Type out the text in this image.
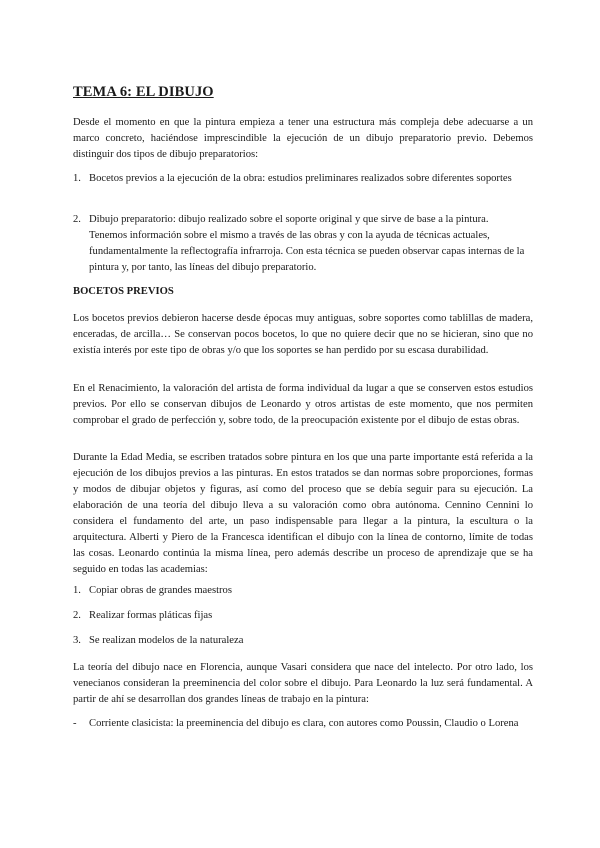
TEMA 6: EL DIBUJO
Desde el momento en que la pintura empieza a tener una estructura más compleja debe adecuarse a un marco concreto, haciéndose imprescindible la ejecución de un dibujo preparatorio previo. Debemos distinguir dos tipos de dibujo preparatorios:
1. Bocetos previos a la ejecución de la obra: estudios preliminares realizados sobre diferentes soportes
2. Dibujo preparatorio: dibujo realizado sobre el soporte original y que sirve de base a la pintura. Tenemos información sobre el mismo a través de las obras y con la ayuda de técnicas actuales, fundamentalmente la reflectografía infrarroja. Con esta técnica se pueden observar capas internas de la pintura y, por tanto, las líneas del dibujo preparatorio.
BOCETOS PREVIOS
Los bocetos previos debieron hacerse desde épocas muy antiguas, sobre soportes como tablillas de madera, enceradas, de arcilla… Se conservan pocos bocetos, lo que no quiere decir que no se hicieran, sino que no existía interés por este tipo de obras y/o que los soportes se han perdido por su escasa durabilidad.
En el Renacimiento, la valoración del artista de forma individual da lugar a que se conserven estos estudios previos. Por ello se conservan dibujos de Leonardo y otros artistas de este momento, que nos permiten comprobar el grado de perfección y, sobre todo, de la preocupación existente por el dibujo de estas obras.
Durante la Edad Media, se escriben tratados sobre pintura en los que una parte importante está referida a la ejecución de los dibujos previos a las pinturas. En estos tratados se dan normas sobre proporciones, formas y modos de dibujar objetos y figuras, así como del proceso que se debía seguir para su ejecución. La elaboración de una teoría del dibujo lleva a su valoración como obra autónoma. Cennino Cennini lo considera el fundamento del arte, un paso indispensable para llegar a la pintura, la escultura o la arquitectura. Alberti y Piero de la Francesca identifican el dibujo con la línea de contorno, límite de todas las cosas. Leonardo continúa la misma línea, pero además describe un proceso de aprendizaje que se ha seguido en todas las academias:
1. Copiar obras de grandes maestros
2. Realizar formas pláticas fijas
3. Se realizan modelos de la naturaleza
La teoría del dibujo nace en Florencia, aunque Vasari considera que nace del intelecto. Por otro lado, los venecianos consideran la preeminencia del color sobre el dibujo. Para Leonardo la luz será fundamental. A partir de ahí se desarrollan dos grandes líneas de trabajo en la pintura:
- Corriente clasicista: la preeminencia del dibujo es clara, con autores como Poussin, Claudio o Lorena
